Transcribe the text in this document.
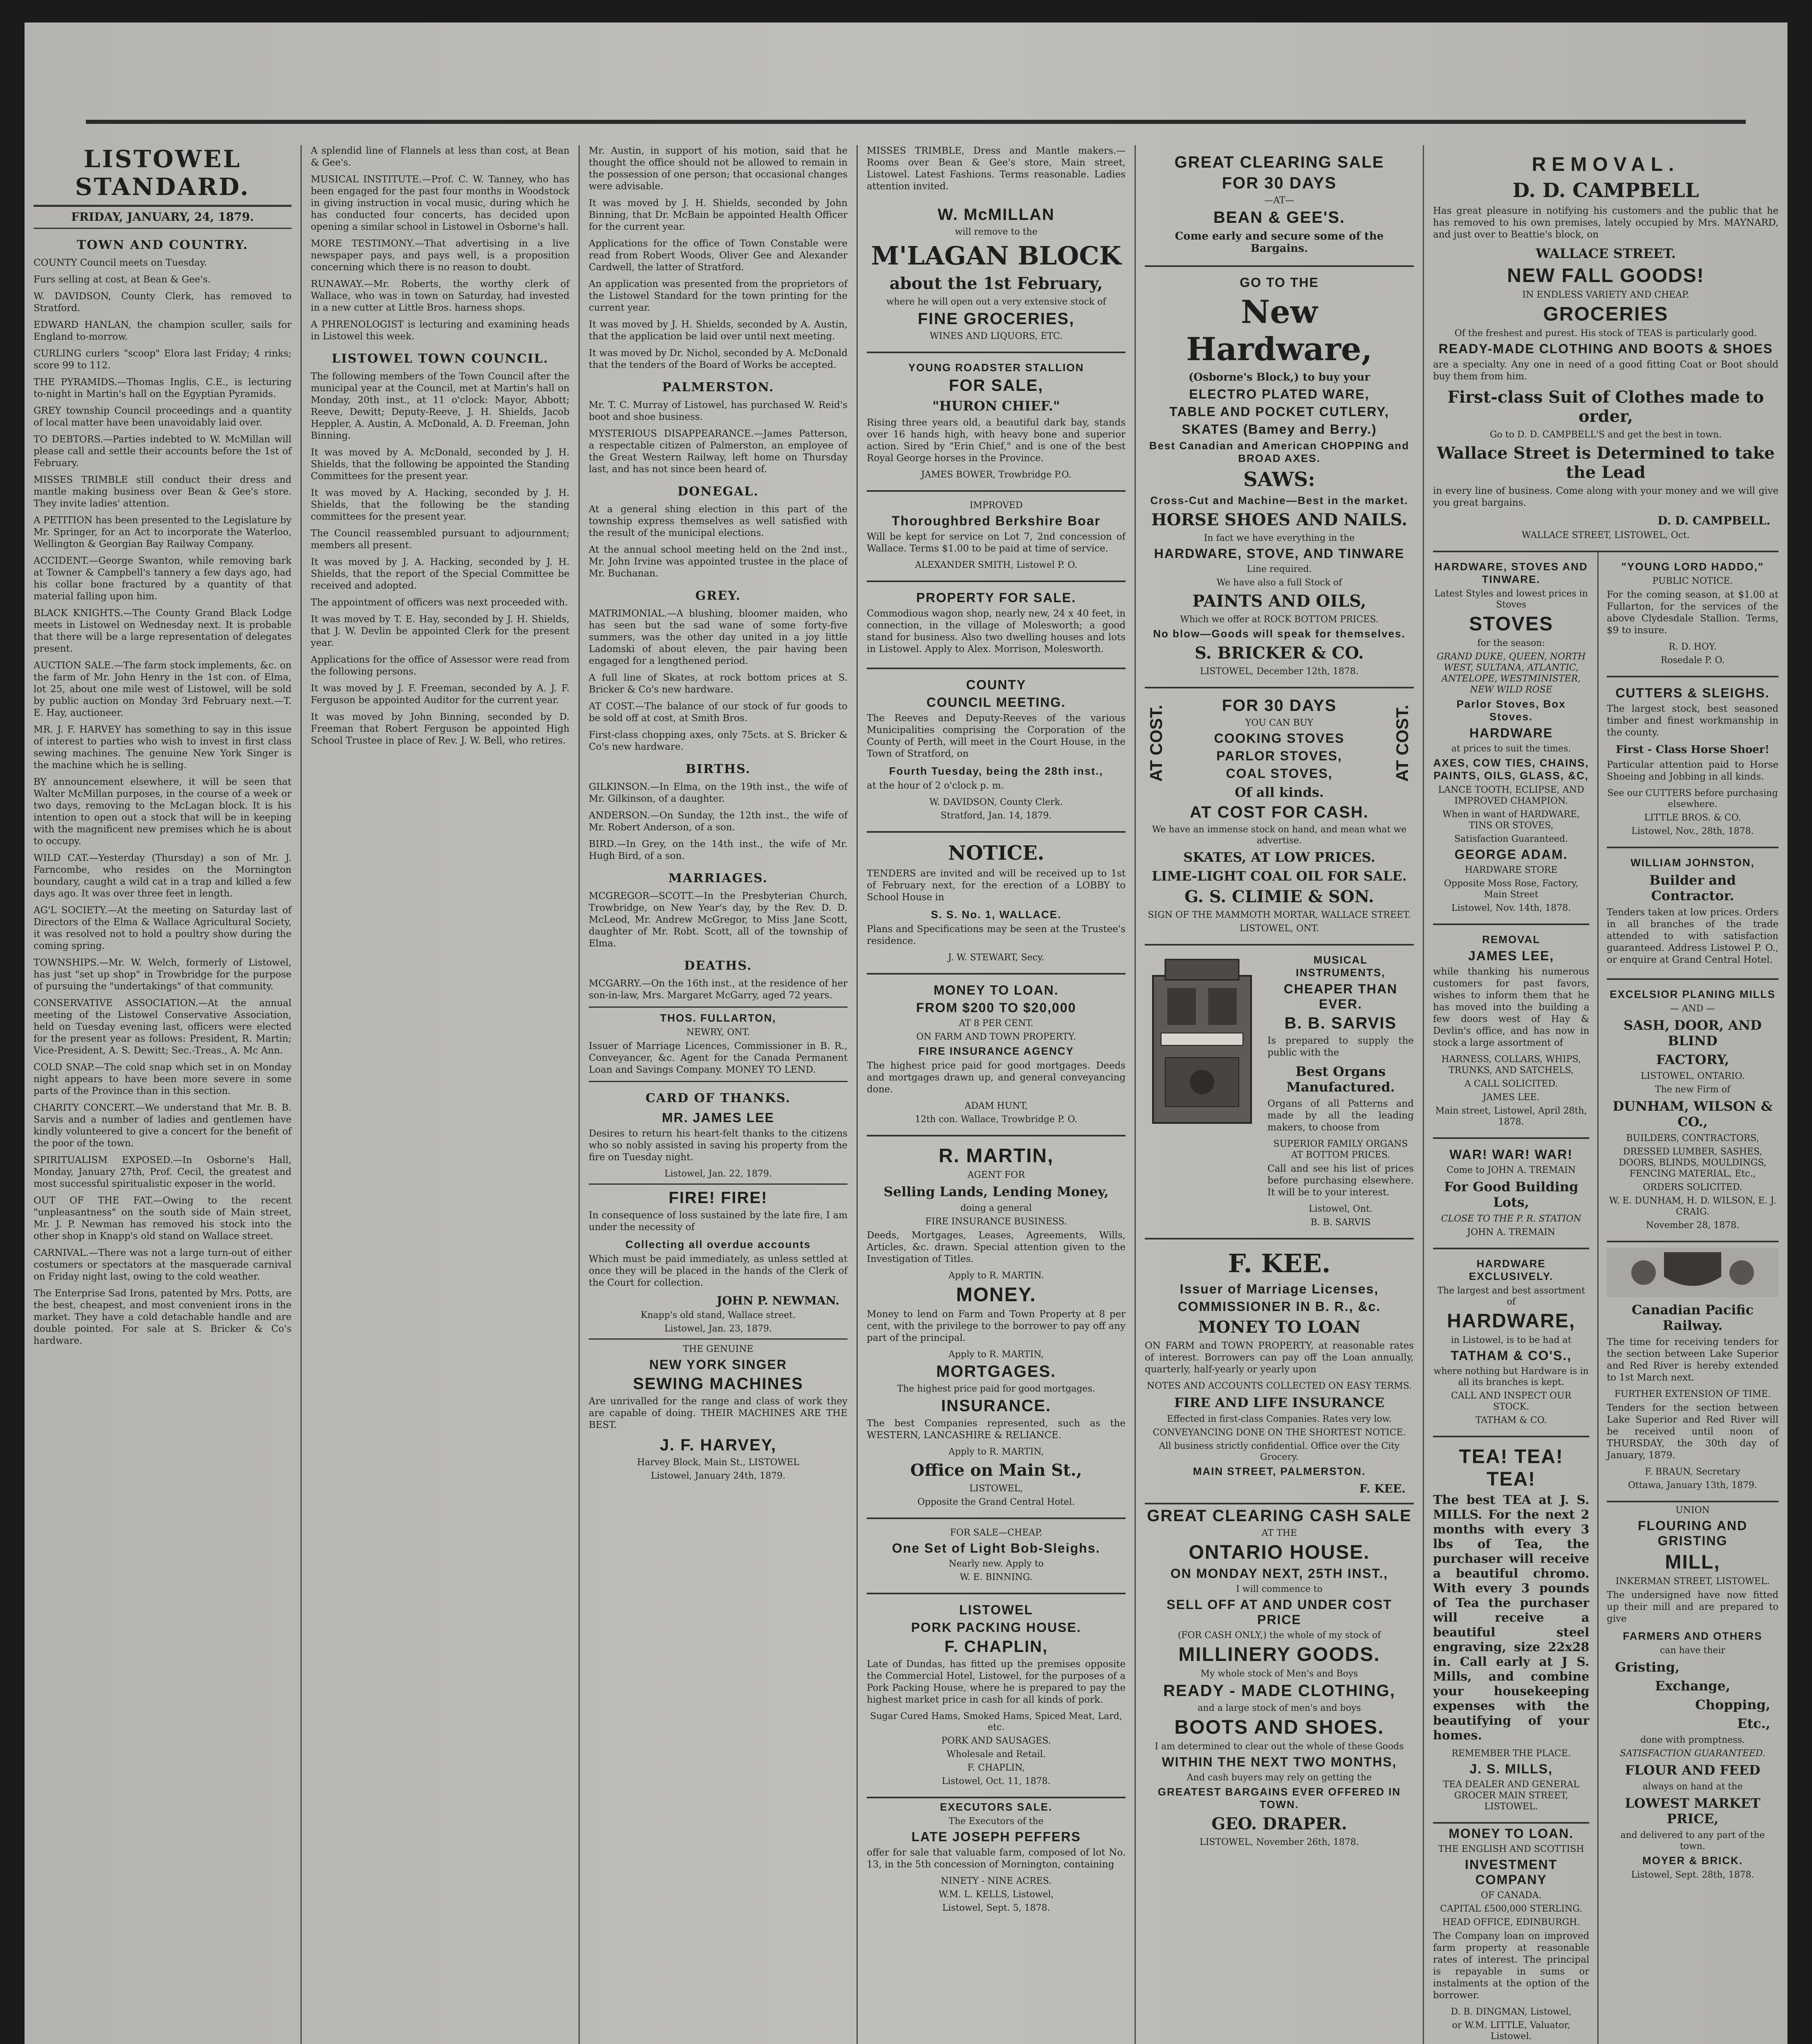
LISTOWEL STANDARD.
FRIDAY, JANUARY, 24, 1879.
TOWN AND COUNTRY.

COUNTY Council meets on Tuesday.

Furs selling at cost, at Bean & Gee's.

W. DAVIDSON, County Clerk, has removed to Stratford.

EDWARD HANLAN, the champion sculler, sails for England to-morrow.

CURLING curlers "scoop" Elora last Friday; 4 rinks; score 99 to 112.

THE PYRAMIDS.—Thomas Inglis, C.E., is lecturing to-night in Martin's hall on the Egyptian Pyramids.

GREY township Council proceedings and a quantity of local matter have been unavoidably laid over.

TO DEBTORS.—Parties indebted to W. McMillan will please call and settle their accounts before the 1st of February.

MISSES TRIMBLE still conduct their dress and mantle making business over Bean & Gee's store. They invite ladies' attention.

A PETITION has been presented to the Legislature by Mr. Springer, for an Act to incorporate the Waterloo, Wellington & Georgian Bay Railway Company.

ACCIDENT.—George Swanton, while removing bark at Towner & Campbell's tannery a few days ago, had his collar bone fractured by a quantity of that material falling upon him.

BLACK KNIGHTS.—The County Grand Black Lodge meets in Listowel on Wednesday next. It is probable that there will be a large representation of delegates present.

AUCTION SALE.—The farm stock implements, &c. on the farm of Mr. John Henry in the 1st con. of Elma, lot 25, about one mile west of Listowel, will be sold by public auction on Monday 3rd February next.—T. E. Hay, auctioneer.

MR. J. F. HARVEY has something to say in this issue of interest to parties who wish to invest in first class sewing machines. The genuine New York Singer is the machine which he is selling.

BY announcement elsewhere, it will be seen that Walter McMillan purposes, in the course of a week or two days, removing to the McLagan block. It is his intention to open out a stock that will be in keeping with the magnificent new premises which he is about to occupy.

WILD CAT.—Yesterday (Thursday) a son of Mr. J. Farncombe, who resides on the Mornington boundary, caught a wild cat in a trap and killed a few days ago. It was over three feet in length.

AG'L SOCIETY.—At the meeting on Saturday last of Directors of the Elma & Wallace Agricultural Society, it was resolved not to hold a poultry show during the coming spring.

TOWNSHIPS.—Mr. W. Welch, formerly of Listowel, has just "set up shop" in Trowbridge for the purpose of pursuing the "undertakings" of that community.

CONSERVATIVE ASSOCIATION.—At the annual meeting of the Listowel Conservative Association, held on Tuesday evening last, officers were elected for the present year as follows: President, R. Martin; Vice-President, A. S. Dewitt; Sec.-Treas., A. Mc Ann.

COLD SNAP.—The cold snap which set in on Monday night appears to have been more severe in some parts of the Province than in this section.

CHARITY CONCERT.—We understand that Mr. B. B. Sarvis and a number of ladies and gentlemen have kindly volunteered to give a concert for the benefit of the poor of the town.

SPIRITUALISM EXPOSED.—In Osborne's Hall, Monday, January 27th, Prof. Cecil, the greatest and most successful spiritualistic exposer in the world.

OUT OF THE FAT.—Owing to the recent "unpleasantness" on the south side of Main street, Mr. J. P. Newman has removed his stock into the other shop in Knapp's old stand on Wallace street.

CARNIVAL.—There was not a large turn-out of either costumers or spectators at the masquerade carnival on Friday night last, owing to the cold weather.

The Enterprise Sad Irons, patented by Mrs. Potts, are the best, cheapest, and most convenient irons in the market. They have a cold detachable handle and are double pointed. For sale at S. Bricker & Co's hardware.

A splendid line of Flannels at less than cost, at Bean & Gee's.

MUSICAL INSTITUTE.—Prof. C. W. Tanney, who has been engaged for the past four months in Woodstock in giving instruction in vocal music, during which he has conducted four concerts, has decided upon opening a similar school in Listowel in Osborne's hall.

MORE TESTIMONY.—That advertising in a live newspaper pays, and pays well, is a proposition concerning which there is no reason to doubt.

RUNAWAY.—Mr. Roberts, the worthy clerk of Wallace, who was in town on Saturday, had invested in a new cutter at Little Bros. harness shops.

A PHRENOLOGIST is lecturing and examining heads in Listowel this week.

LISTOWEL TOWN COUNCIL.

The following members of the Town Council after the municipal year at the Council, met at Martin's hall on Monday, 20th inst., at 11 o'clock: Mayor, Abbott; Reeve, Dewitt; Deputy-Reeve, J. H. Shields, Jacob Heppler, A. Austin, A. McDonald, A. D. Freeman, John Binning.

It was moved by A. McDonald, seconded by J. H. Shields, that the following be appointed the Standing Committees for the present year.

It was moved by A. Hacking, seconded by J. H. Shields, that the following be the standing committees for the present year.

The Council reassembled pursuant to adjournment; members all present.

It was moved by J. A. Hacking, seconded by J. H. Shields, that the report of the Special Committee be received and adopted.

The appointment of officers was next proceeded with.

It was moved by T. E. Hay, seconded by J. H. Shields, that J. W. Devlin be appointed Clerk for the present year.

Applications for the office of Assessor were read from the following persons.

It was moved by J. F. Freeman, seconded by A. J. F. Ferguson be appointed Auditor for the current year.

It was moved by John Binning, seconded by D. Freeman that Robert Ferguson be appointed High School Trustee in place of Rev. J. W. Bell, who retires.

Mr. Austin, in support of his motion, said that he thought the office should not be allowed to remain in the possession of one person; that occasional changes were advisable.

It was moved by J. H. Shields, seconded by John Binning, that Dr. McBain be appointed Health Officer for the current year.

Applications for the office of Town Constable were read from Robert Woods, Oliver Gee and Alexander Cardwell, the latter of Stratford.

An application was presented from the proprietors of the Listowel Standard for the town printing for the current year.

It was moved by J. H. Shields, seconded by A. Austin, that the application be laid over until next meeting.

It was moved by Dr. Nichol, seconded by A. McDonald that the tenders of the Board of Works be accepted.

PALMERSTON.

Mr. T. C. Murray of Listowel, has purchased W. Reid's boot and shoe business.

MYSTERIOUS DISAPPEARANCE.—James Patterson, a respectable citizen of Palmerston, an employee of the Great Western Railway, left home on Thursday last, and has not since been heard of.

DONEGAL.

At a general shing election in this part of the township express themselves as well satisfied with the result of the municipal elections.

At the annual school meeting held on the 2nd inst., Mr. John Irvine was appointed trustee in the place of Mr. Buchanan.

GREY.

MATRIMONIAL.—A blushing, bloomer maiden, who has seen but the sad wane of some forty-five summers, was the other day united in a joy little Ladomski of about eleven, the pair having been engaged for a lengthened period.

A full line of Skates, at rock bottom prices at S. Bricker & Co's new hardware.

AT COST.—The balance of our stock of fur goods to be sold off at cost, at Smith Bros.

First-class chopping axes, only 75cts. at S. Bricker & Co's new hardware.

BIRTHS.

GILKINSON.—In Elma, on the 19th inst., the wife of Mr. Gilkinson, of a daughter.

ANDERSON.—On Sunday, the 12th inst., the wife of Mr. Robert Anderson, of a son.

BIRD.—In Grey, on the 14th inst., the wife of Mr. Hugh Bird, of a son.

MARRIAGES.

MCGREGOR—SCOTT.—In the Presbyterian Church, Trowbridge, on New Year's day, by the Rev. D. D. McLeod, Mr. Andrew McGregor, to Miss Jane Scott, daughter of Mr. Robt. Scott, all of the township of Elma.

DEATHS.

MCGARRY.—On the 16th inst., at the residence of her son-in-law, Mrs. Margaret McGarry, aged 72 years.

THOS. FULLARTON,
NEWRY, ONT.

Issuer of Marriage Licences, Commissioner in B. R., Conveyancer, &c. Agent for the Canada Permanent Loan and Savings Company. MONEY TO LEND.

CARD OF THANKS.
MR. JAMES LEE

Desires to return his heart-felt thanks to the citizens who so nobly assisted in saving his property from the fire on Tuesday night.

Listowel, Jan. 22, 1879.
FIRE! FIRE!

In consequence of loss sustained by the late fire, I am under the necessity of

Collecting all overdue accounts

Which must be paid immediately, as unless settled at once they will be placed in the hands of the Clerk of the Court for collection.

JOHN P. NEWMAN.
Knapp's old stand, Wallace street.
Listowel, Jan. 23, 1879.
THE GENUINE
NEW YORK SINGER
SEWING MACHINES

Are unrivalled for the range and class of work they are capable of doing. THEIR MACHINES ARE THE BEST.

J. F. HARVEY,
Harvey Block, Main St., LISTOWEL
Listowel, January 24th, 1879.

MISSES TRIMBLE, Dress and Mantle makers.—Rooms over Bean & Gee's store, Main street, Listowel. Latest Fashions. Terms reasonable. Ladies attention invited.

W. McMILLAN
will remove to the
M'LAGAN BLOCK
about the 1st February,
where he will open out a very extensive stock of
FINE GROCERIES,
WINES AND LIQUORS, ETC.
YOUNG ROADSTER STALLION
FOR SALE,
"HURON CHIEF."

Rising three years old, a beautiful dark bay, stands over 16 hands high, with heavy bone and superior action. Sired by "Erin Chief," and is one of the best Royal George horses in the Province.

JAMES BOWER, Trowbridge P.O.
IMPROVED
Thoroughbred Berkshire Boar

Will be kept for service on Lot 7, 2nd concession of Wallace. Terms $1.00 to be paid at time of service.

ALEXANDER SMITH, Listowel P. O.
PROPERTY FOR SALE.

Commodious wagon shop, nearly new, 24 x 40 feet, in connection, in the village of Molesworth; a good stand for business. Also two dwelling houses and lots in Listowel. Apply to Alex. Morrison, Molesworth.

COUNTY
COUNCIL MEETING.

The Reeves and Deputy-Reeves of the various Municipalities comprising the Corporation of the County of Perth, will meet in the Court House, in the Town of Stratford, on

Fourth Tuesday, being the 28th inst.,

at the hour of 2 o'clock p. m.

W. DAVIDSON, County Clerk.
Stratford, Jan. 14, 1879.
NOTICE.

TENDERS are invited and will be received up to 1st of February next, for the erection of a LOBBY to School House in

S. S. No. 1, WALLACE.

Plans and Specifications may be seen at the Trustee's residence.

J. W. STEWART, Secy.
MONEY TO LOAN.
FROM $200 TO $20,000
AT 8 PER CENT.
ON FARM AND TOWN PROPERTY.
FIRE INSURANCE AGENCY

The highest price paid for good mortgages. Deeds and mortgages drawn up, and general conveyancing done.

ADAM HUNT,
12th con. Wallace, Trowbridge P. O.
R. MARTIN,
AGENT FOR
Selling Lands, Lending Money,
doing a general
FIRE INSURANCE BUSINESS.

Deeds, Mortgages, Leases, Agreements, Wills, Articles, &c. drawn. Special attention given to the Investigation of Titles.

Apply to R. MARTIN.
MONEY.

Money to lend on Farm and Town Property at 8 per cent, with the privilege to the borrower to pay off any part of the principal.

Apply to R. MARTIN,
MORTGAGES.
The highest price paid for good mortgages.
INSURANCE.

The best Companies represented, such as the WESTERN, LANCASHIRE & RELIANCE.

Apply to R. MARTIN,
Office on Main St.,
LISTOWEL,
Opposite the Grand Central Hotel.
FOR SALE—CHEAP.
One Set of Light Bob-Sleighs.
Nearly new. Apply to
W. E. BINNING.
LISTOWEL
PORK PACKING HOUSE.
F. CHAPLIN,

Late of Dundas, has fitted up the premises opposite the Commercial Hotel, Listowel, for the purposes of a Pork Packing House, where he is prepared to pay the highest market price in cash for all kinds of pork.

Sugar Cured Hams, Smoked Hams, Spiced Meat, Lard, etc.
PORK AND SAUSAGES.
Wholesale and Retail.
F. CHAPLIN,
Listowel, Oct. 11, 1878.
EXECUTORS SALE.
The Executors of the
LATE JOSEPH PEFFERS

offer for sale that valuable farm, composed of lot No. 13, in the 5th concession of Mornington, containing

NINETY - NINE ACRES.
W.M. L. KELLS, Listowel,
Listowel, Sept. 5, 1878.
GREAT CLEARING SALE
FOR 30 DAYS
—AT—
BEAN & GEE'S.
Come early and secure some of the Bargains.
GO TO THE
New Hardware,
(Osborne's Block,) to buy your
ELECTRO PLATED WARE,
TABLE AND POCKET CUTLERY,
SKATES (Bamey and Berry.)
Best Canadian and American CHOPPING and BROAD AXES.
SAWS:
Cross-Cut and Machine—Best in the market.
HORSE SHOES AND NAILS.
In fact we have everything in the
HARDWARE, STOVE, AND TINWARE
Line required.
We have also a full Stock of
PAINTS AND OILS,
Which we offer at ROCK BOTTOM PRICES.
No blow—Goods will speak for themselves.
S. BRICKER & CO.
LISTOWEL, December 12th, 1878.
AT COST.	AT COST.
FOR 30 DAYS
YOU CAN BUY
COOKING STOVES
PARLOR STOVES,
COAL STOVES,
Of all kinds.
AT COST FOR CASH.
We have an immense stock on hand, and mean what we advertise.
SKATES, AT LOW PRICES.
LIME-LIGHT COAL OIL FOR SALE.
G. S. CLIMIE & SON.
SIGN OF THE MAMMOTH MORTAR, WALLACE STREET.
LISTOWEL, ONT.
MUSICAL INSTRUMENTS,
CHEAPER THAN EVER.
B. B. SARVIS

Is prepared to supply the public with the

Best Organs Manufactured.

Organs of all Patterns and made by all the leading makers, to choose from

SUPERIOR FAMILY ORGANS AT BOTTOM PRICES.

Call and see his list of prices before purchasing elsewhere. It will be to your interest.

Listowel, Ont.
B. B. SARVIS
F. KEE.
Issuer of Marriage Licenses,
COMMISSIONER IN B. R., &c.
MONEY TO LOAN

ON FARM and TOWN PROPERTY, at reasonable rates of interest. Borrowers can pay off the Loan annually, quarterly, half-yearly or yearly upon

NOTES AND ACCOUNTS COLLECTED ON EASY TERMS.
FIRE AND LIFE INSURANCE
Effected in first-class Companies. Rates very low.
CONVEYANCING DONE ON THE SHORTEST NOTICE.
All business strictly confidential. Office over the City Grocery.
MAIN STREET, PALMERSTON.
F. KEE.
GREAT CLEARING CASH SALE
AT THE
ONTARIO HOUSE.
ON MONDAY NEXT, 25TH INST.,
I will commence to
SELL OFF AT AND UNDER COST PRICE
(FOR CASH ONLY,) the whole of my stock of
MILLINERY GOODS.
My whole stock of Men's and Boys
READY - MADE CLOTHING,
and a large stock of men's and boys
BOOTS AND SHOES.
I am determined to clear out the whole of these Goods
WITHIN THE NEXT TWO MONTHS,
And cash buyers may rely on getting the
GREATEST BARGAINS EVER OFFERED IN TOWN.
GEO. DRAPER.
LISTOWEL, November 26th, 1878.
REMOVAL.
D. D. CAMPBELL

Has great pleasure in notifying his customers and the public that he has removed to his own premises, lately occupied by Mrs. MAYNARD, and just over to Beattie's block, on

WALLACE STREET.
NEW FALL GOODS!
IN ENDLESS VARIETY AND CHEAP.
GROCERIES
Of the freshest and purest. His stock of TEAS is particularly good.
READY-MADE CLOTHING AND BOOTS & SHOES

are a specialty. Any one in need of a good fitting Coat or Boot should buy them from him.

First-class Suit of Clothes made to order,
Go to D. D. CAMPBELL'S and get the best in town.
Wallace Street is Determined to take the Lead

in every line of business. Come along with your money and we will give you great bargains.

D. D. CAMPBELL.
WALLACE STREET, LISTOWEL, Oct.
HARDWARE, STOVES AND TINWARE.
Latest Styles and lowest prices in Stoves
STOVES
for the season:
GRAND DUKE, QUEEN, NORTH WEST, SULTANA, ATLANTIC, ANTELOPE, WESTMINISTER, NEW WILD ROSE
Parlor Stoves, Box Stoves.
HARDWARE
at prices to suit the times.
AXES, COW TIES, CHAINS, PAINTS, OILS, GLASS, &C,
LANCE TOOTH, ECLIPSE, AND IMPROVED CHAMPION.
When in want of HARDWARE, TINS OR STOVES,
Satisfaction Guaranteed.
GEORGE ADAM.
HARDWARE STORE
Opposite Moss Rose, Factory, Main Street
Listowel, Nov. 14th, 1878.
REMOVAL
JAMES LEE,

while thanking his numerous customers for past favors, wishes to inform them that he has moved into the building a few doors west of Hay & Devlin's office, and has now in stock a large assortment of

HARNESS, COLLARS, WHIPS, TRUNKS, AND SATCHELS,
A CALL SOLICITED.
JAMES LEE.
Main street, Listowel, April 28th, 1878.
WAR! WAR! WAR!
Come to JOHN A. TREMAIN
For Good Building Lots,
CLOSE TO THE P. R. STATION
JOHN A. TREMAIN
HARDWARE EXCLUSIVELY.
The largest and best assortment of
HARDWARE,
in Listowel, is to be had at
TATHAM & CO'S.,
where nothing but Hardware is in all its branches is kept.
CALL AND INSPECT OUR STOCK.
TATHAM & CO.
TEA! TEA! TEA!

The best TEA at J. S. MILLS. For the next 2 months with every 3 lbs of Tea, the purchaser will receive a beautiful chromo. With every 3 pounds of Tea the purchaser will receive a beautiful steel engraving, size 22x28 in. Call early at J S. Mills, and combine your housekeeping expenses with the beautifying of your homes.

REMEMBER THE PLACE.
J. S. MILLS,
TEA DEALER AND GENERAL GROCER MAIN STREET, LISTOWEL.
MONEY TO LOAN.
THE ENGLISH AND SCOTTISH
INVESTMENT COMPANY
OF CANADA.
CAPITAL £500,000 STERLING.
HEAD OFFICE, EDINBURGH.

The Company loan on improved farm property at reasonable rates of interest. The principal is repayable in sums or instalments at the option of the borrower.

D. B. DINGMAN, Listowel,
or W.M. LITTLE, Valuator, Listowel.

"YOUNG LORD HADDO,"
PUBLIC NOTICE.

For the coming season, at $1.00 at Fullarton, for the services of the above Clydesdale Stallion. Terms, $9 to insure.

R. D. HOY.
Rosedale P. O.
CUTTERS & SLEIGHS.

The largest stock, best seasoned timber and finest workmanship in the county.

First - Class Horse Shoer!

Particular attention paid to Horse Shoeing and Jobbing in all kinds.

See our CUTTERS before purchasing elsewhere.
LITTLE BROS. & CO.
Listowel, Nov., 28th, 1878.
WILLIAM JOHNSTON,
Builder and Contractor.

Tenders taken at low prices. Orders in all branches of the trade attended to with satisfaction guaranteed. Address Listowel P. O., or enquire at Grand Central Hotel.

EXCELSIOR PLANING MILLS
— AND —
SASH, DOOR, AND BLIND
FACTORY,
LISTOWEL, ONTARIO.
The new Firm of
DUNHAM, WILSON & CO.,
BUILDERS, CONTRACTORS,
DRESSED LUMBER, SASHES, DOORS, BLINDS, MOULDINGS, FENCING MATERIAL, Etc.,
ORDERS SOLICITED.
W. E. DUNHAM, H. D. WILSON, E. J. CRAIG.
November 28, 1878.
Canadian Pacific Railway.

The time for receiving tenders for the section between Lake Superior and Red River is hereby extended to 1st March next.

FURTHER EXTENSION OF TIME.

Tenders for the section between Lake Superior and Red River will be received until noon of THURSDAY, the 30th day of January, 1879.

F. BRAUN, Secretary
Ottawa, January 13th, 1879.
UNION
FLOURING AND GRISTING
MILL,
INKERMAN STREET, LISTOWEL.

The undersigned have now fitted up their mill and are prepared to give

FARMERS AND OTHERS
can have their
Gristing,
Exchange,
Chopping,
Etc.,
done with promptness.
SATISFACTION GUARANTEED.
FLOUR AND FEED
always on hand at the
LOWEST MARKET PRICE,
and delivered to any part of the town.
MOYER & BRICK.
Listowel, Sept. 28th, 1878.
